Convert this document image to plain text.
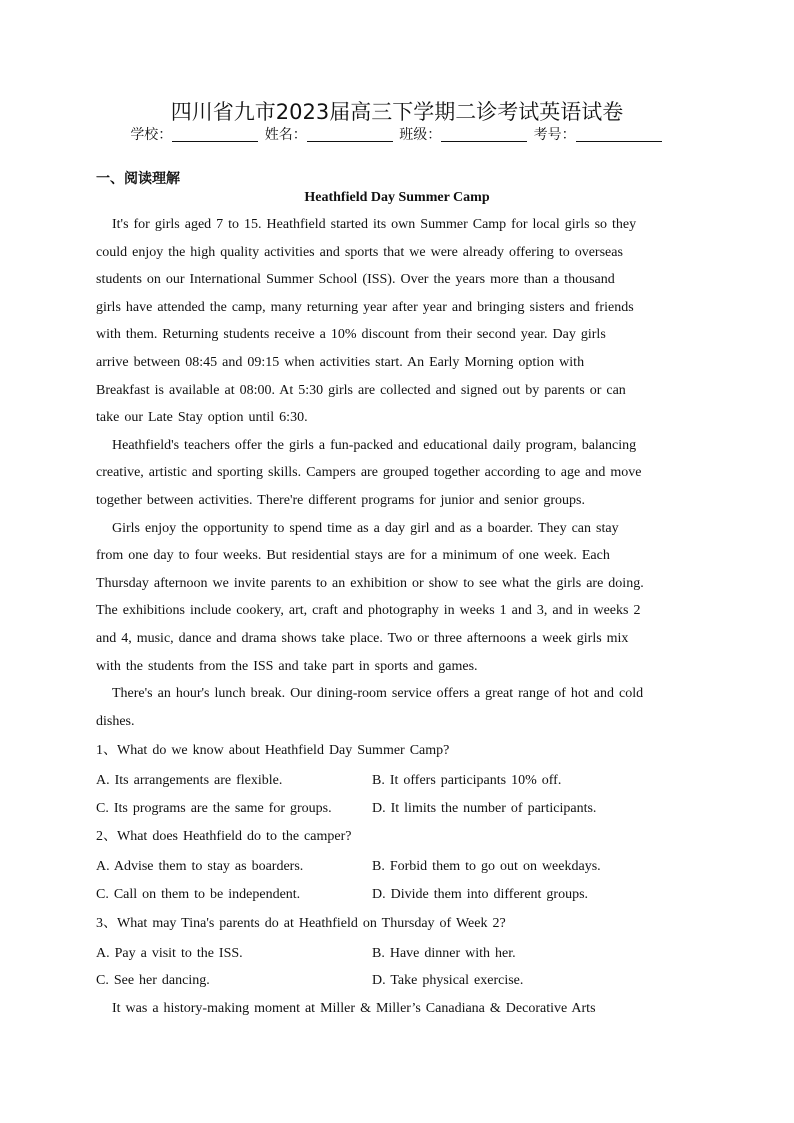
四川省九市2023届高三下学期二诊考试英语试卷
学校：	姓名：	班级：	考号：
一、阅读理解
Heathfield Day Summer Camp
It's for girls aged 7 to 15. Heathfield started its own Summer Camp for local girls so they
could enjoy the high quality activities and sports that we were already offering to overseas
students on our International Summer School (ISS). Over the years more than a thousand
girls have attended the camp, many returning year after year and bringing sisters and friends
with them. Returning students receive a 10% discount from their second year. Day girls
arrive between 08:45 and 09:15 when activities start. An Early Morning option with
Breakfast is available at 08:00. At 5:30 girls are collected and signed out by parents or can
take our Late Stay option until 6:30.
Heathfield's teachers offer the girls a fun-packed and educational daily program, balancing
creative, artistic and sporting skills. Campers are grouped together according to age and move
together between activities. There're different programs for junior and senior groups.
Girls enjoy the opportunity to spend time as a day girl and as a boarder. They can stay
from one day to four weeks. But residential stays are for a minimum of one week. Each
Thursday afternoon we invite parents to an exhibition or show to see what the girls are doing.
The exhibitions include cookery, art, craft and photography in weeks 1 and 3, and in weeks 2
and 4, music, dance and drama shows take place. Two or three afternoons a week girls mix
with the students from the ISS and take part in sports and games.
There's an hour's lunch break. Our dining-room service offers a great range of hot and cold
dishes.
1、What do we know about Heathfield Day Summer Camp?
A. Its arrangements are flexible.	B. It offers participants 10% off.
C. Its programs are the same for groups.	D. It limits the number of participants.
2、What does Heathfield do to the camper?
A. Advise them to stay as boarders.	B. Forbid them to go out on weekdays.
C. Call on them to be independent.	D. Divide them into different groups.
3、What may Tina's parents do at Heathfield on Thursday of Week 2?
A. Pay a visit to the ISS.	B. Have dinner with her.
C. See her dancing.	D. Take physical exercise.
It was a history-making moment at Miller & Miller’s Canadiana & Decorative Arts
